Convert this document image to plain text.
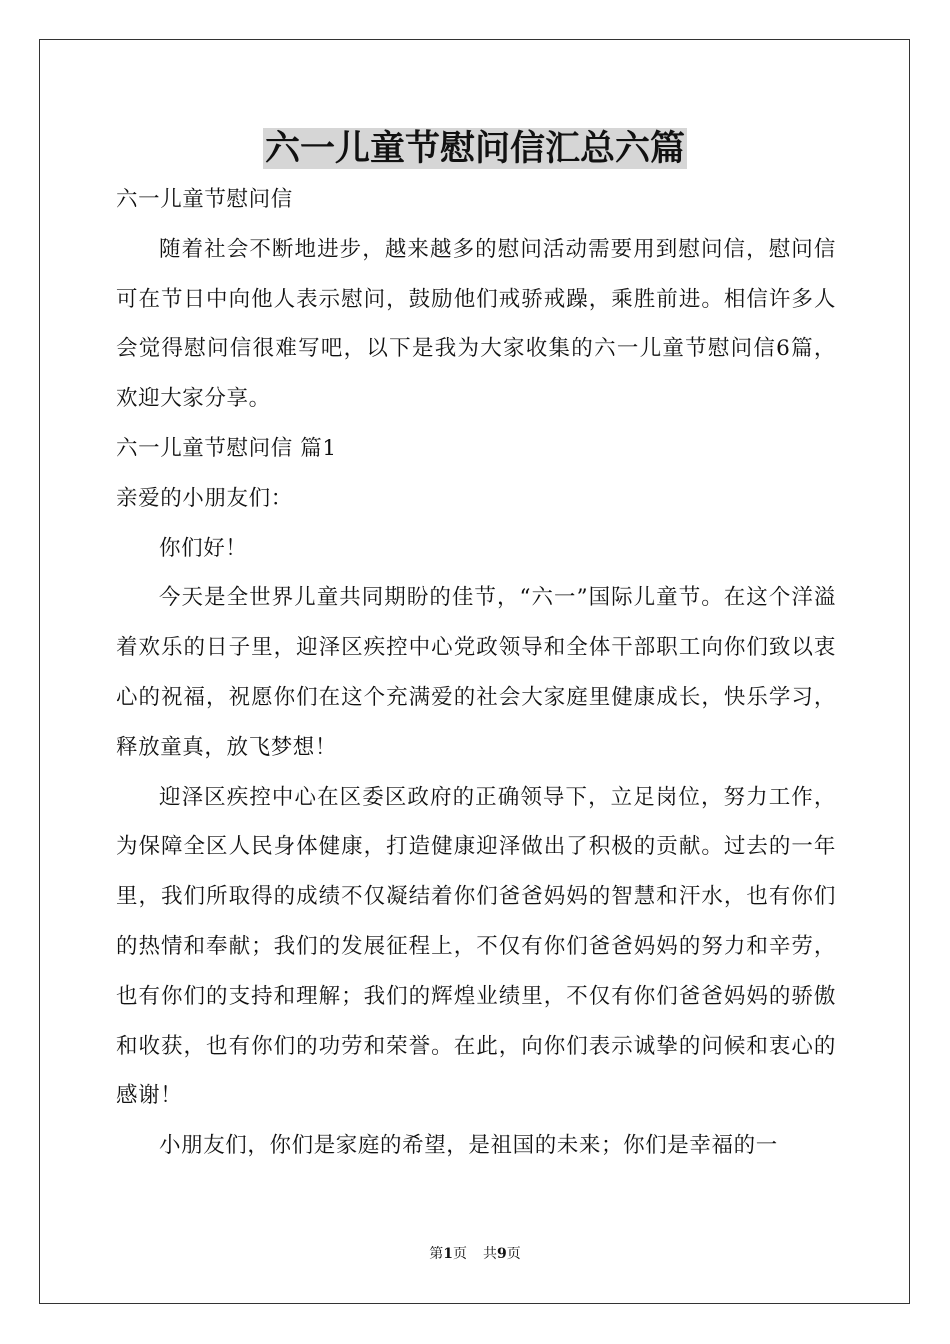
六一儿童节慰问信汇总六篇

六一儿童节慰问信

随着社会不断地进步，越来越多的慰问活动需要用到慰问信，慰问信可在节日中向他人表示慰问，鼓励他们戒骄戒躁，乘胜前进。相信许多人会觉得慰问信很难写吧，以下是我为大家收集的六一儿童节慰问信6篇，欢迎大家分享。

六一儿童节慰问信 篇1

亲爱的小朋友们：

你们好！

今天是全世界儿童共同期盼的佳节，“六一”国际儿童节。在这个洋溢着欢乐的日子里，迎泽区疾控中心党政领导和全体干部职工向你们致以衷心的祝福，祝愿你们在这个充满爱的社会大家庭里健康成长，快乐学习，释放童真，放飞梦想！

迎泽区疾控中心在区委区政府的正确领导下，立足岗位，努力工作，为保障全区人民身体健康，打造健康迎泽做出了积极的贡献。过去的一年里，我们所取得的成绩不仅凝结着你们爸爸妈妈的智慧和汗水，也有你们的热情和奉献；我们的发展征程上，不仅有你们爸爸妈妈的努力和辛劳，也有你们的支持和理解；我们的辉煌业绩里，不仅有你们爸爸妈妈的骄傲和收获，也有你们的功劳和荣誉。在此，向你们表示诚挚的问候和衷心的感谢！

小朋友们，你们是家庭的希望，是祖国的未来；你们是幸福的一

第1页 共9页
